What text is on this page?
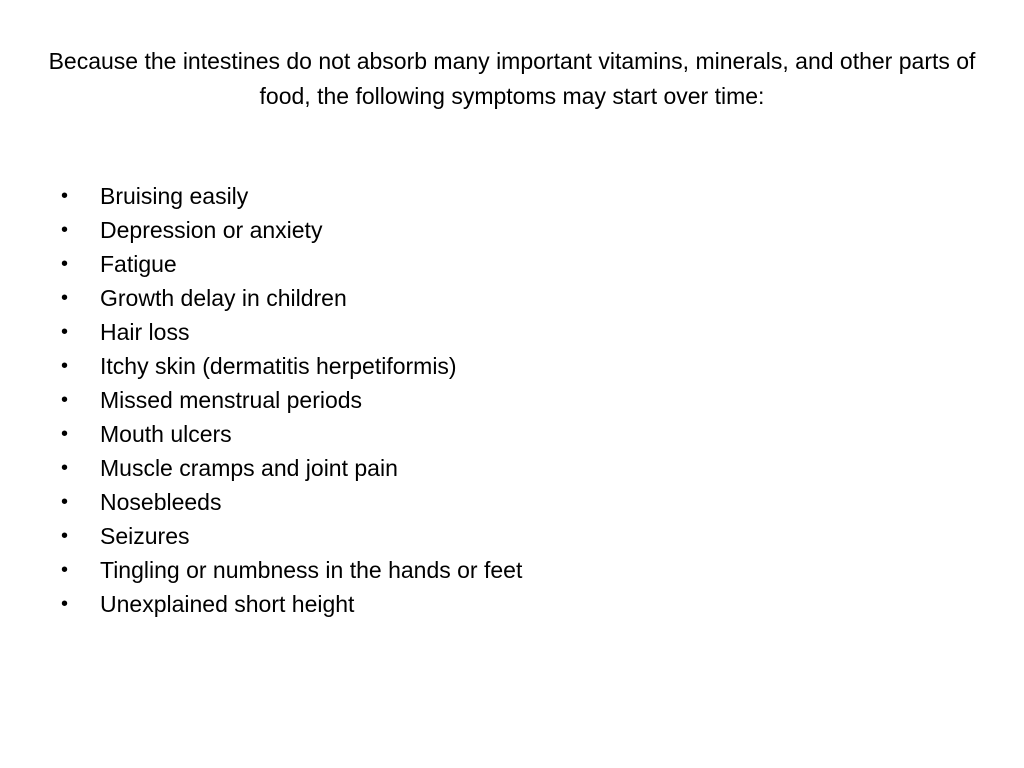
Because the intestines do not absorb many important vitamins, minerals, and other parts of food, the following symptoms may start over time:

• Bruising easily
• Depression or anxiety
• Fatigue
• Growth delay in children
• Hair loss
• Itchy skin (dermatitis herpetiformis)
• Missed menstrual periods
• Mouth ulcers
• Muscle cramps and joint pain
• Nosebleeds
• Seizures
• Tingling or numbness in the hands or feet
• Unexplained short height
